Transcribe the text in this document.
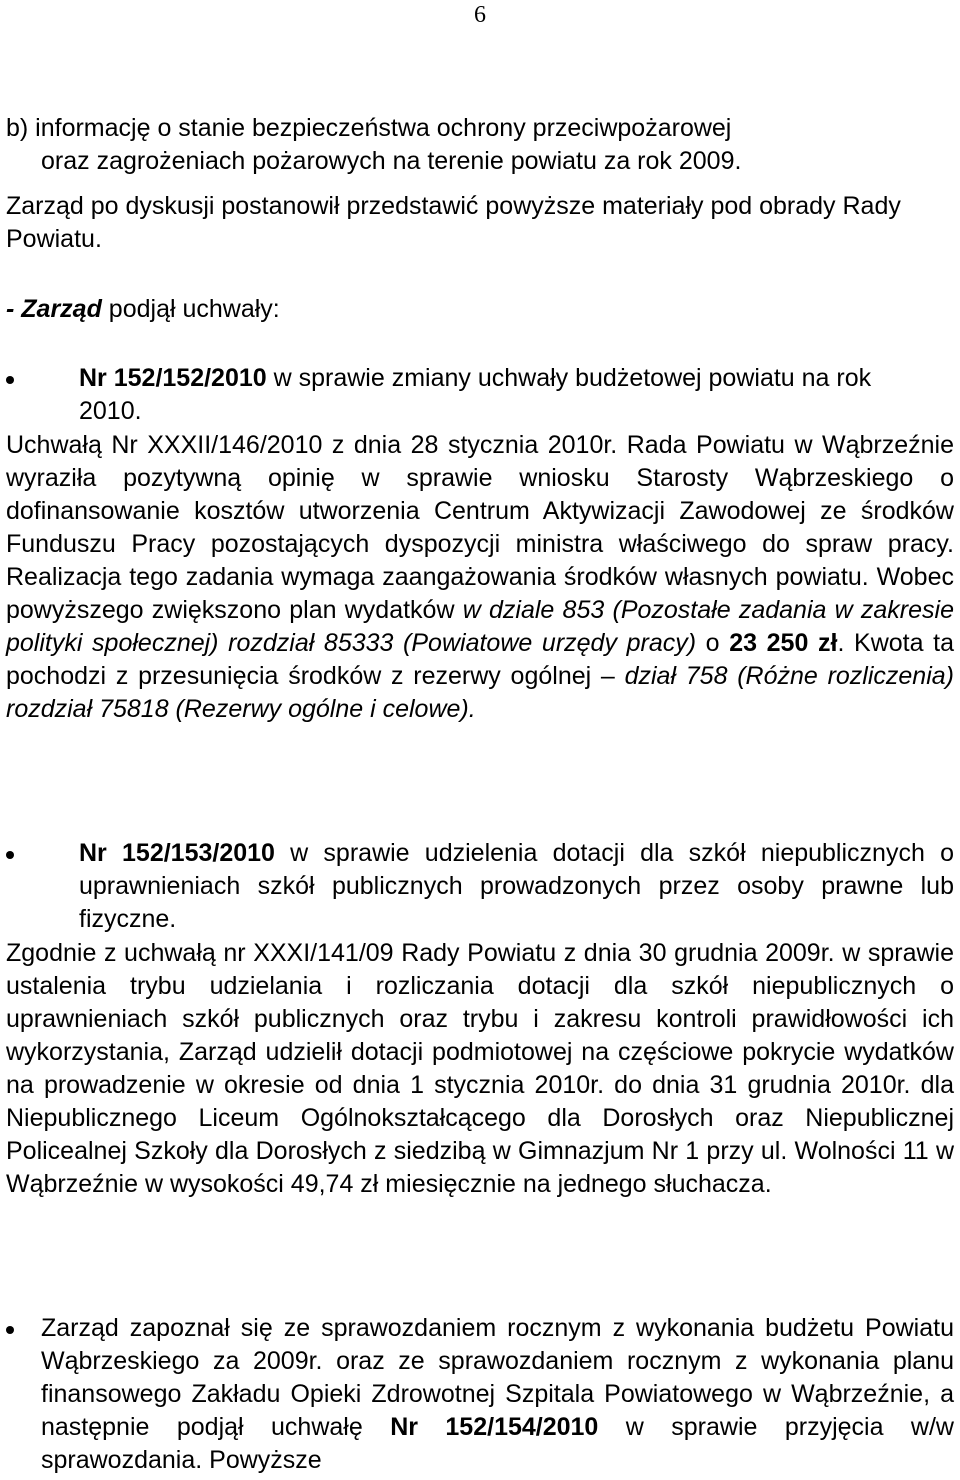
6

b) informację o stanie bezpieczeństwa ochrony przeciwpożarowej

oraz zagrożeniach pożarowych na terenie powiatu za rok 2009.

Zarząd po dyskusji postanowił przedstawić powyższe materiały pod obrady Rady Powiatu.

- Zarząd podjął uchwały:

Nr 152/152/2010 w sprawie zmiany uchwały budżetowej powiatu na rok 2010.

Uchwałą Nr XXXII/146/2010 z dnia 28 stycznia 2010r. Rada Powiatu w Wąbrzeźnie wyraziła pozytywną opinię w sprawie wniosku Starosty Wąbrzeskiego o dofinansowanie kosztów utworzenia Centrum Aktywizacji Zawodowej ze środków Funduszu Pracy pozostających dyspozycji ministra właściwego do spraw pracy. Realizacja tego zadania wymaga zaangażowania środków własnych powiatu. Wobec powyższego zwiększono plan wydatków w dziale 853 (Pozostałe zadania w zakresie polityki społecznej) rozdział 85333 (Powiatowe urzędy pracy) o 23 250 zł. Kwota ta pochodzi z przesunięcia środków z rezerwy ogólnej – dział 758 (Różne rozliczenia) rozdział 75818 (Rezerwy ogólne i celowe).

Nr 152/153/2010 w sprawie udzielenia dotacji dla szkół niepublicznych o uprawnieniach szkół publicznych prowadzonych przez osoby prawne lub fizyczne.

Zgodnie z uchwałą nr XXXI/141/09 Rady Powiatu z dnia 30 grudnia 2009r. w sprawie ustalenia trybu udzielania i rozliczania dotacji dla szkół niepublicznych o uprawnieniach szkół publicznych oraz trybu i zakresu kontroli prawidłowości ich wykorzystania, Zarząd udzielił dotacji podmiotowej na częściowe pokrycie wydatków na prowadzenie w okresie od dnia 1 stycznia 2010r. do dnia 31 grudnia 2010r. dla Niepublicznego Liceum Ogólnokształcącego dla Dorosłych oraz Niepublicznej Policealnej Szkoły dla Dorosłych z siedzibą w Gimnazjum Nr 1 przy ul. Wolności 11 w Wąbrzeźnie w wysokości 49,74 zł miesięcznie na jednego słuchacza.

Zarząd zapoznał się ze sprawozdaniem rocznym z wykonania budżetu Powiatu Wąbrzeskiego za 2009r. oraz ze sprawozdaniem rocznym z wykonania planu finansowego Zakładu Opieki Zdrowotnej Szpitala Powiatowego w Wąbrzeźnie, a następnie podjął uchwałę Nr 152/154/2010 w sprawie przyjęcia w/w sprawozdania. Powyższe
